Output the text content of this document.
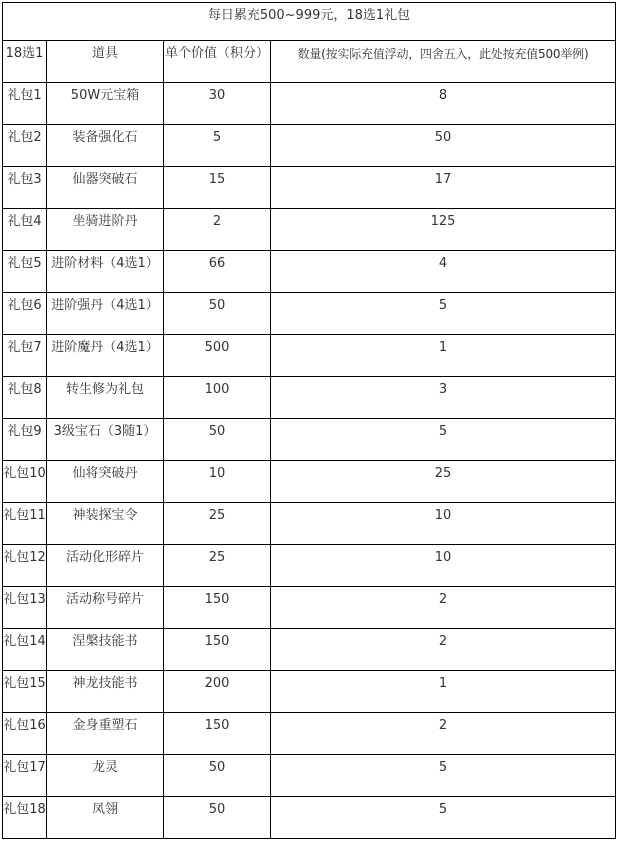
每日累充500~999元，18选1礼包			
18选1	道具	单个价值（积分）	数量(按实际充值浮动，四舍五入，此处按充值500举例)
礼包1	50W元宝箱	30	8
礼包2	装备强化石	5	50
礼包3	仙器突破石	15	17
礼包4	坐骑进阶丹	2	125
礼包5	进阶材料（4选1）	66	4
礼包6	进阶强丹（4选1）	50	5
礼包7	进阶魔丹（4选1）	500	1
礼包8	转生修为礼包	100	3
礼包9	3级宝石（3随1）	50	5
礼包10	仙将突破丹	10	25
礼包11	神装探宝令	25	10
礼包12	活动化形碎片	25	10
礼包13	活动称号碎片	150	2
礼包14	涅槃技能书	150	2
礼包15	神龙技能书	200	1
礼包16	金身重塑石	150	2
礼包17	龙灵	50	5
礼包18	凤翎	50	5
